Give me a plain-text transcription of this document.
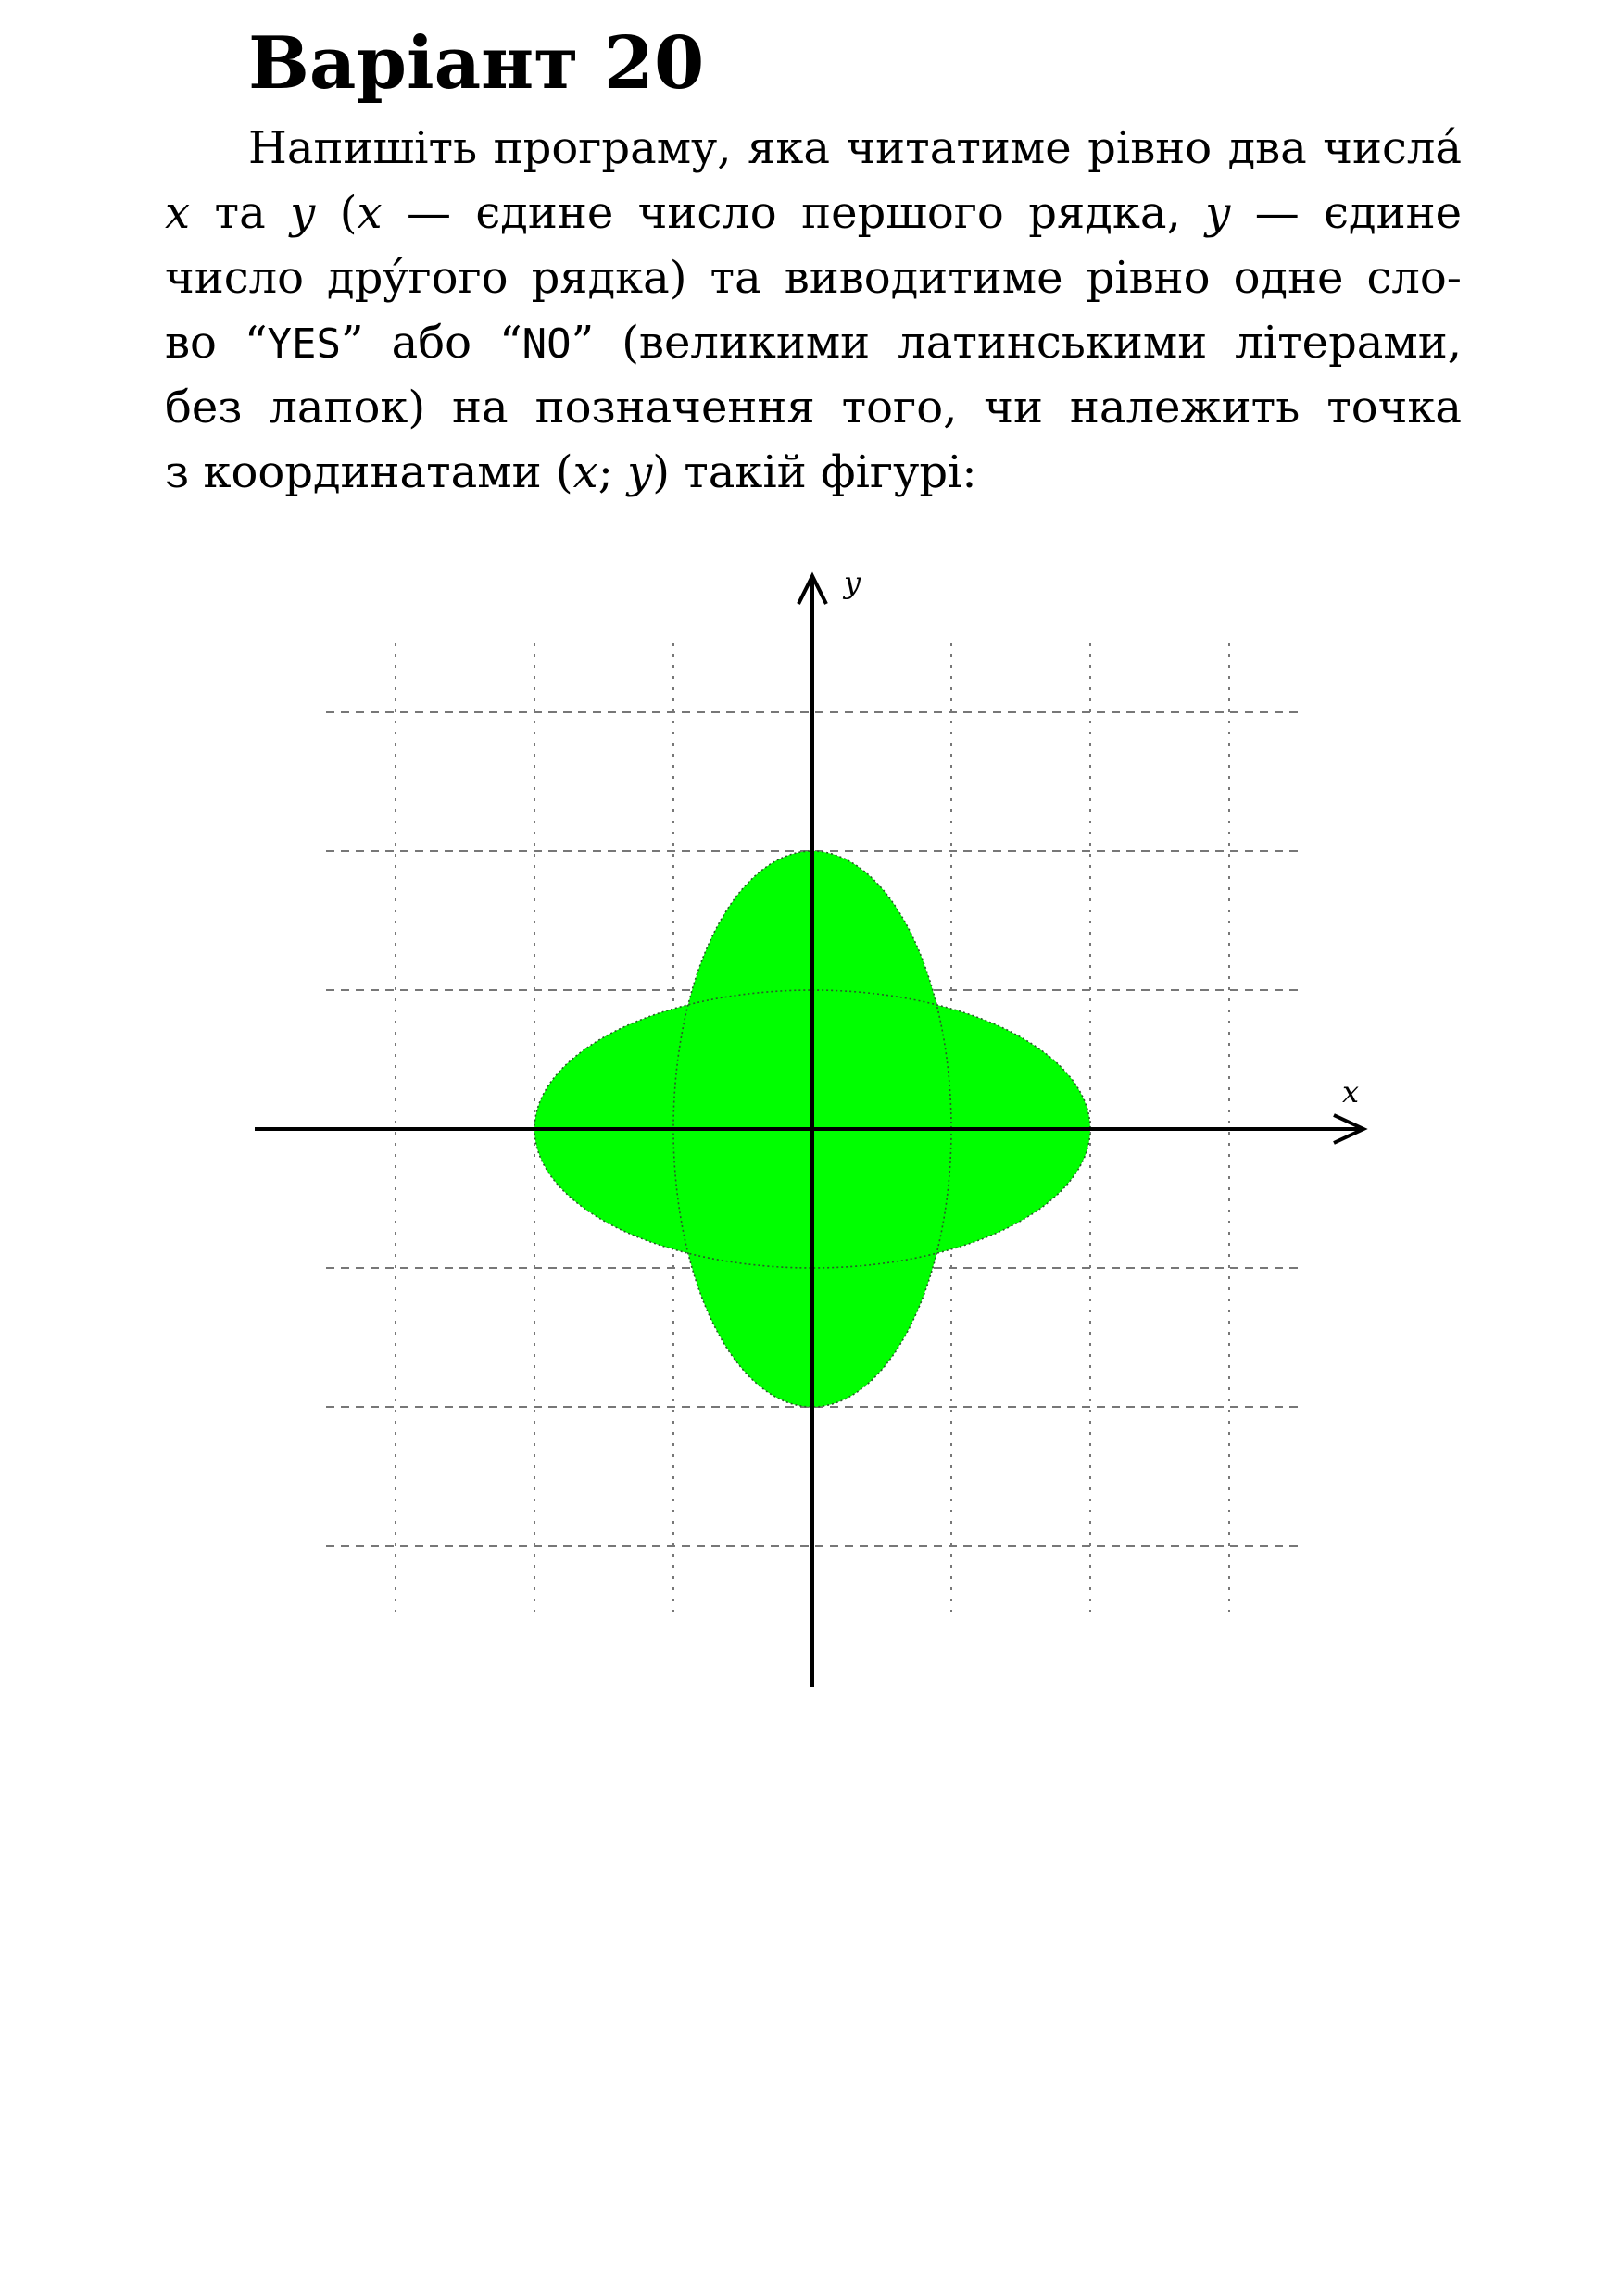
Варіант 20
Напишіть програму, яка читатиме рівно два числá
x та y (x — єдине число першого рядка, y — єдине
число дрýгого рядка) та виводитиме рівно одне сло-
во “YES” або “NO” (великими латинськими літерами,
без лапок) на позначення того, чи належить точка
з координатами (x; y) такій фігурі:
x
y
